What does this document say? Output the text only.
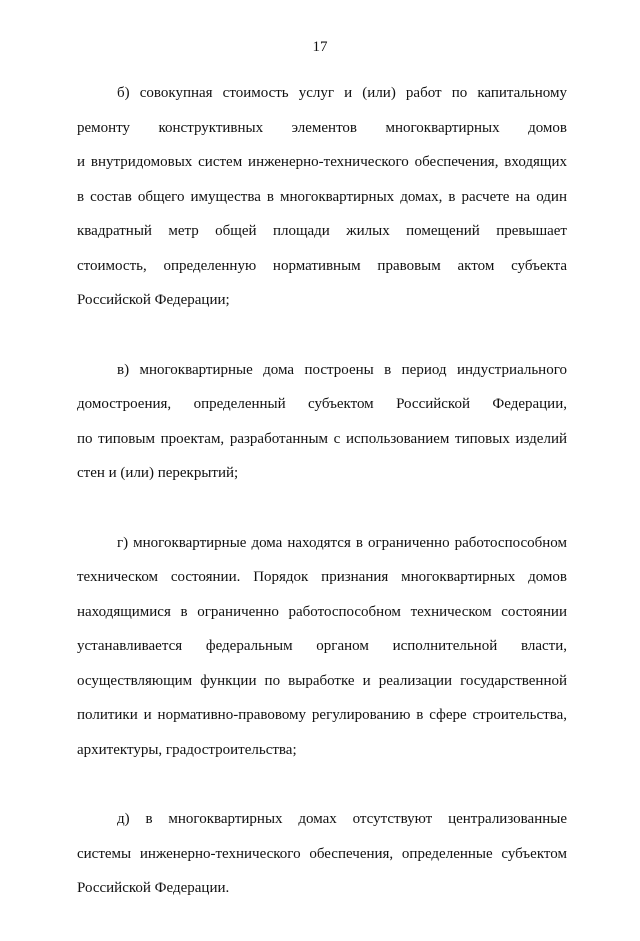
17
б) совокупная стоимость услуг и (или) работ по капитальному
ремонту конструктивных элементов многоквартирных домов
и внутридомовых систем инженерно-технического обеспечения, входящих
в состав общего имущества в многоквартирных домах, в расчете на один
квадратный метр общей площади жилых помещений превышает
стоимость, определенную нормативным правовым актом субъекта
Российской Федерации;
в) многоквартирные дома построены в период индустриального
домостроения, определенный субъектом Российской Федерации,
по типовым проектам, разработанным с использованием типовых изделий
стен и (или) перекрытий;
г) многоквартирные дома находятся в ограниченно работоспособном
техническом состоянии. Порядок признания многоквартирных домов
находящимися в ограниченно работоспособном техническом состоянии
устанавливается федеральным органом исполнительной власти,
осуществляющим функции по выработке и реализации государственной
политики и нормативно-правовому регулированию в сфере строительства,
архитектуры, градостроительства;
д) в многоквартирных домах отсутствуют централизованные
системы инженерно-технического обеспечения, определенные субъектом
Российской Федерации.
